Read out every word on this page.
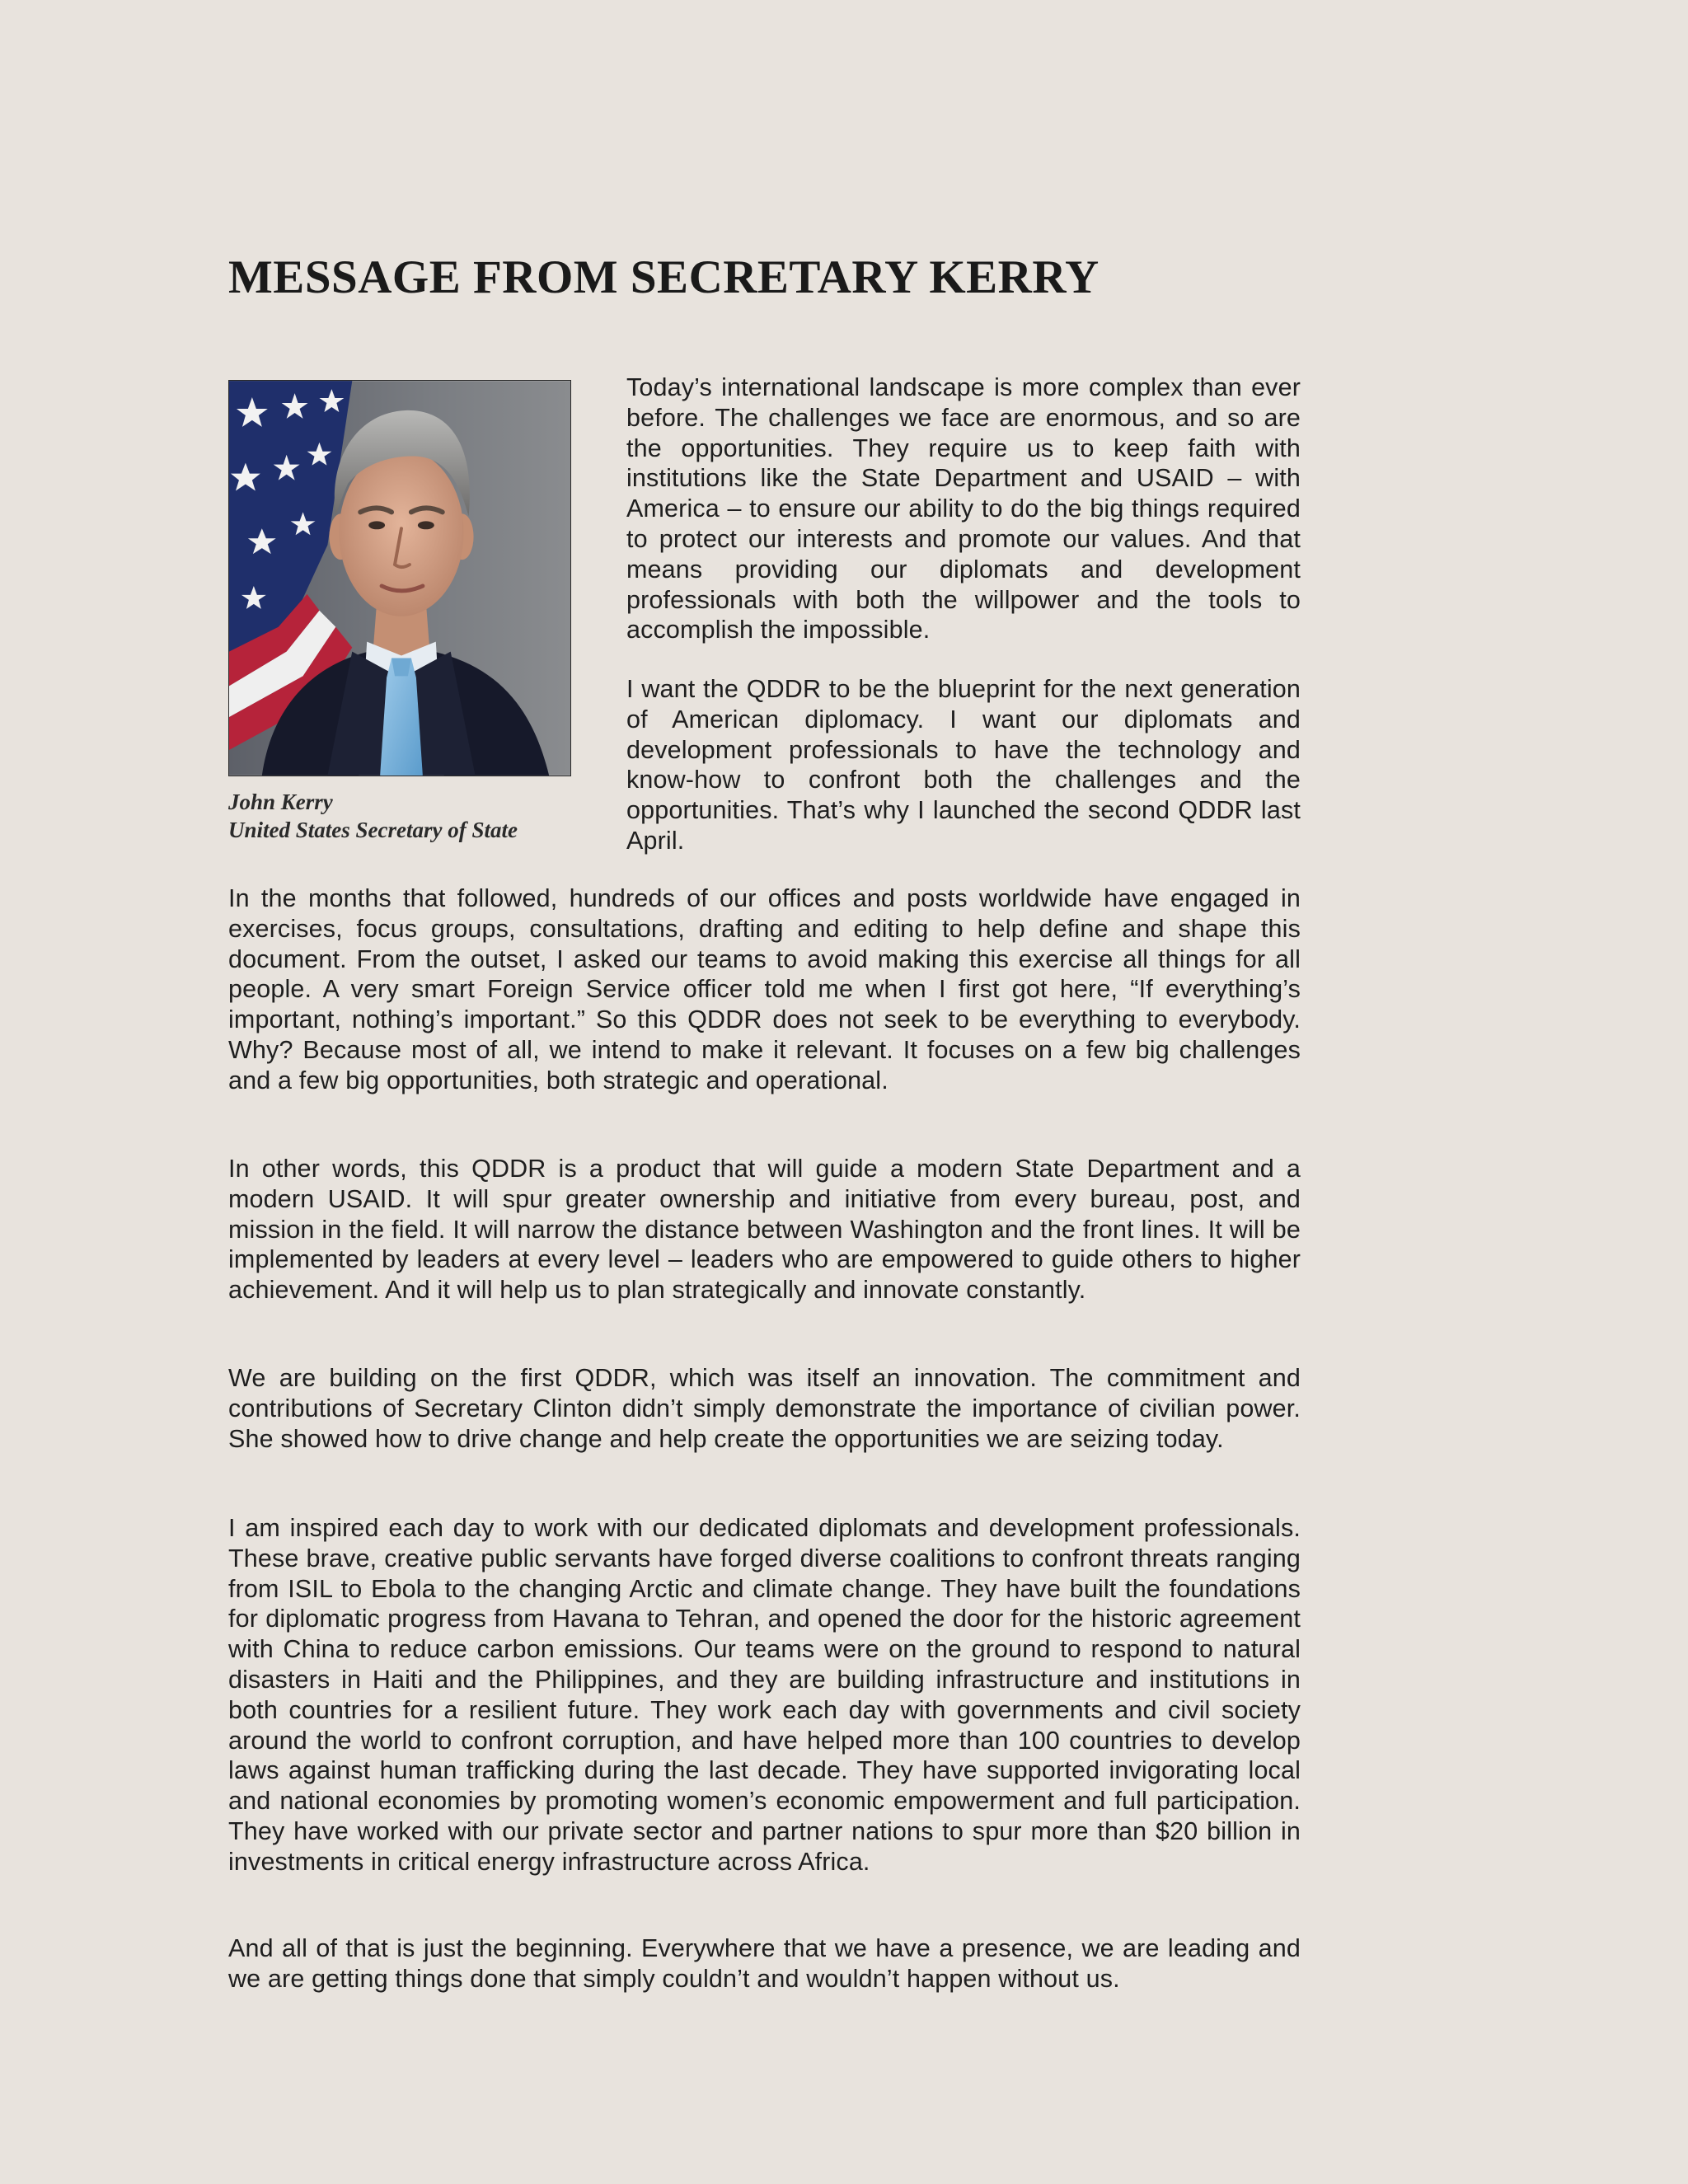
MESSAGE FROM SECRETARY KERRY
John Kerry
United States Secretary of State

Today’s international landscape is more complex than ever before. The challenges we face are enormous, and so are the opportunities. They require us to keep faith with institutions like the State Department and USAID – with America – to ensure our ability to do the big things required to protect our interests and promote our values. And that means providing our diplomats and development professionals with both the willpower and the tools to accomplish the impossible.

I want the QDDR to be the blueprint for the next generation of American diplomacy. I want our diplomats and development professionals to have the technology and know-how to confront both the challenges and the opportunities. That’s why I launched the second QDDR last April.

In the months that followed, hundreds of our offices and posts worldwide have engaged in exercises, focus groups, consultations, drafting and editing to help define and shape this document. From the outset, I asked our teams to avoid making this exercise all things for all people. A very smart Foreign Service officer told me when I first got here, “If everything’s important, nothing’s important.” So this QDDR does not seek to be everything to everybody. Why? Because most of all, we intend to make it relevant. It focuses on a few big challenges and a few big opportunities, both strategic and operational.

In other words, this QDDR is a product that will guide a modern State Department and a modern USAID. It will spur greater ownership and initiative from every bureau, post, and mission in the field. It will narrow the distance between Washington and the front lines. It will be implemented by leaders at every level – leaders who are empowered to guide others to higher achievement. And it will help us to plan strategically and innovate constantly.

We are building on the first QDDR, which was itself an innovation. The commitment and contributions of Secretary Clinton didn’t simply demonstrate the importance of civilian power. She showed how to drive change and help create the opportunities we are seizing today.

I am inspired each day to work with our dedicated diplomats and development professionals. These brave, creative public servants have forged diverse coalitions to confront threats ranging from ISIL to Ebola to the changing Arctic and climate change. They have built the foundations for diplomatic progress from Havana to Tehran, and opened the door for the historic agreement with China to reduce carbon emissions. Our teams were on the ground to respond to natural disasters in Haiti and the Philippines, and they are building infrastructure and institutions in both countries for a resilient future. They work each day with governments and civil society around the world to confront corruption, and have helped more than 100 countries to develop laws against human trafficking during the last decade. They have supported invigorating local and national economies by promoting women’s economic empowerment and full participation. They have worked with our private sector and partner nations to spur more than $20 billion in investments in critical energy infrastructure across Africa.

And all of that is just the beginning. Everywhere that we have a presence, we are leading and we are getting things done that simply couldn’t and wouldn’t happen without us.
